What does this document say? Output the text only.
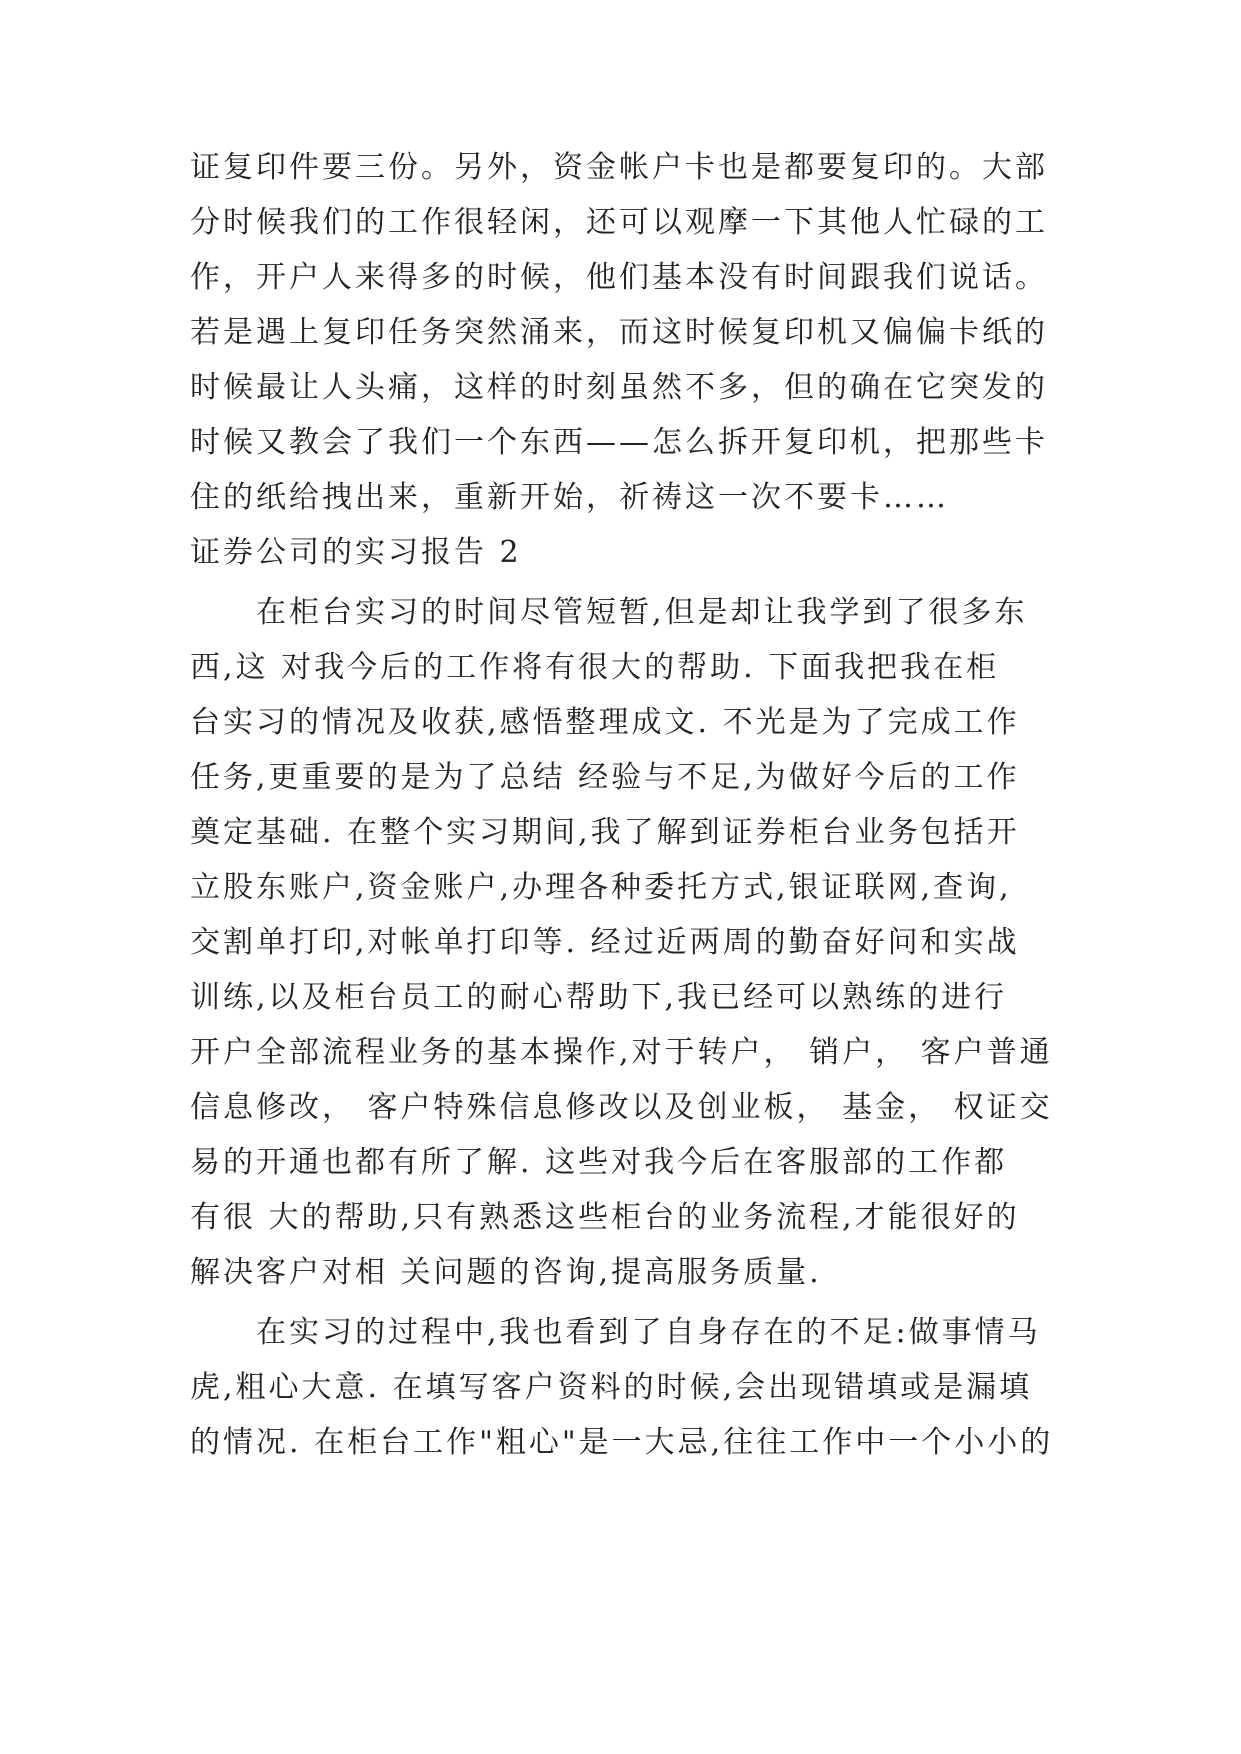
证复印件要三份。另外，资金帐户卡也是都要复印的。大部
分时候我们的工作很轻闲，还可以观摩一下其他人忙碌的工
作，开户人来得多的时候，他们基本没有时间跟我们说话。
若是遇上复印任务突然涌来，而这时候复印机又偏偏卡纸的
时候最让人头痛，这样的时刻虽然不多，但的确在它突发的
时候又教会了我们一个东西——怎么拆开复印机，把那些卡
住的纸给拽出来，重新开始，祈祷这一次不要卡……
证券公司的实习报告 2
在柜台实习的时间尽管短暂,但是却让我学到了很多东
西,这 对我今后的工作将有很大的帮助. 下面我把我在柜
台实习的情况及收获,感悟整理成文. 不光是为了完成工作
任务,更重要的是为了总结 经验与不足,为做好今后的工作
奠定基础. 在整个实习期间,我了解到证券柜台业务包括开
立股东账户,资金账户,办理各种委托方式,银证联网,查询,
交割单打印,对帐单打印等. 经过近两周的勤奋好问和实战
训练,以及柜台员工的耐心帮助下,我已经可以熟练的进行
开户全部流程业务的基本操作,对于转户， 销户， 客户普通
信息修改， 客户特殊信息修改以及创业板， 基金， 权证交
易的开通也都有所了解. 这些对我今后在客服部的工作都
有很 大的帮助,只有熟悉这些柜台的业务流程,才能很好的
解决客户对相 关问题的咨询,提高服务质量.
在实习的过程中,我也看到了自身存在的不足:做事情马
虎,粗心大意. 在填写客户资料的时候,会出现错填或是漏填
的情况. 在柜台工作"粗心"是一大忌,往往工作中一个小小的
